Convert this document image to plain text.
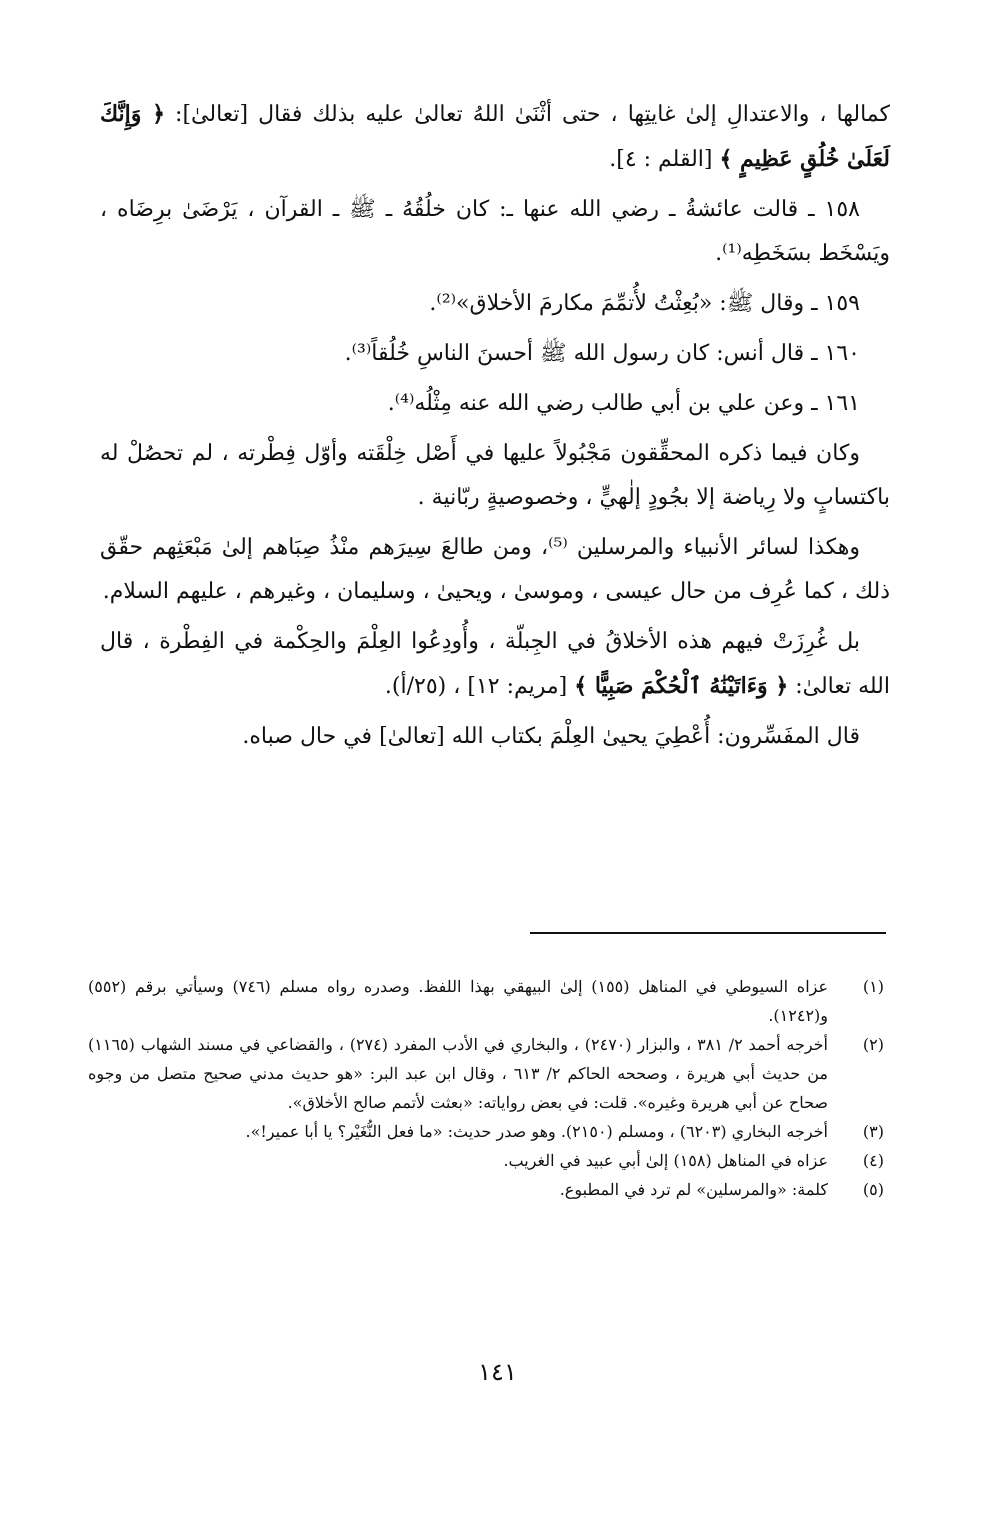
كمالها ، والاعتدالِ إلىٰ غايتِها ، حتى أثْنَىٰ اللهُ تعالىٰ عليه بذلك فقال [تعالىٰ]: ﴿ وَإِنَّكَ لَعَلَىٰ خُلُقٍ عَظِيمٍ ﴾ [القلم : ٤].

١٥٨ ـ قالت عائشةُ ـ رضي الله عنها ـ: كان خلُقُهُ ـ ﷺ ـ القرآن ، يَرْضَىٰ برِضَاه ، ويَسْخَط بسَخَطِه⁽¹⁾.

١٥٩ ـ وقال ﷺ: «بُعِثْتُ لأُتمِّمَ مكارمَ الأخلاق»⁽²⁾.

١٦٠ ـ قال أنس: كان رسول الله ﷺ أحسنَ الناسِ خُلُقاً⁽³⁾.

١٦١ ـ وعن علي بن أبي طالب رضي الله عنه مِثْلُه⁽⁴⁾.

وكان فيما ذكره المحقِّقون مَجْبُولاً عليها في أَصْل خِلْقَته وأوّل فِطْرته ، لم تحصُلْ له باكتسابٍ ولا رِياضة إلا بجُودٍ إلٰهيٍّ ، وخصوصيةٍ ربّانية .

وهكذا لسائر الأنبياء والمرسلين ⁽⁵⁾، ومن طالعَ سِيرَهم منْذُ صِبَاهم إلىٰ مَبْعَثِهم حقّق ذلك ، كما عُرِف من حال عيسى ، وموسىٰ ، ويحيىٰ ، وسليمان ، وغيرهم ، عليهم السلام.

بل غُرِزَتْ فيهم هذه الأخلاقُ في الجِبلّة ، وأُودِعُوا العِلْمَ والحِكْمة في الفِطْرة ، قال الله تعالىٰ: ﴿ وَءَاتَيْنَٰهُ ٱلْحُكْمَ صَبِيًّا ﴾ [مريم: ١٢] ، (٢٥/أ).

قال المفَسِّرون: أُعْطِيَ يحيىٰ العِلْمَ بكتاب الله [تعالىٰ] في حال صباه.

(١)
عزاه السيوطي في المناهل (١٥٥) إلىٰ البيهقي بهذا اللفظ. وصدره رواه مسلم (٧٤٦) وسيأتي برقم (٥٥٢) و(١٢٤٢).
(٢)
أخرجه أحمد ٢/ ٣٨١ ، والبزار (٢٤٧٠) ، والبخاري في الأدب المفرد (٢٧٤) ، والقضاعي في مسند الشهاب (١١٦٥) من حديث أبي هريرة ، وصححه الحاكم ٢/ ٦١٣ ، وقال ابن عبد البر: «هو حديث مدني صحيح متصل من وجوه صحاح عن أبي هريرة وغيره». قلت: في بعض رواياته: «بعثت لأتمم صالح الأخلاق».
(٣)
أخرجه البخاري (٦٢٠٣) ، ومسلم (٢١٥٠). وهو صدر حديث: «ما فعل النُّغَيْر؟ يا أبا عمير!».
(٤)
عزاه في المناهل (١٥٨) إلىٰ أبي عبيد في الغريب.
(٥)
كلمة: «والمرسلين» لم ترد في المطبوع.
١٤١
